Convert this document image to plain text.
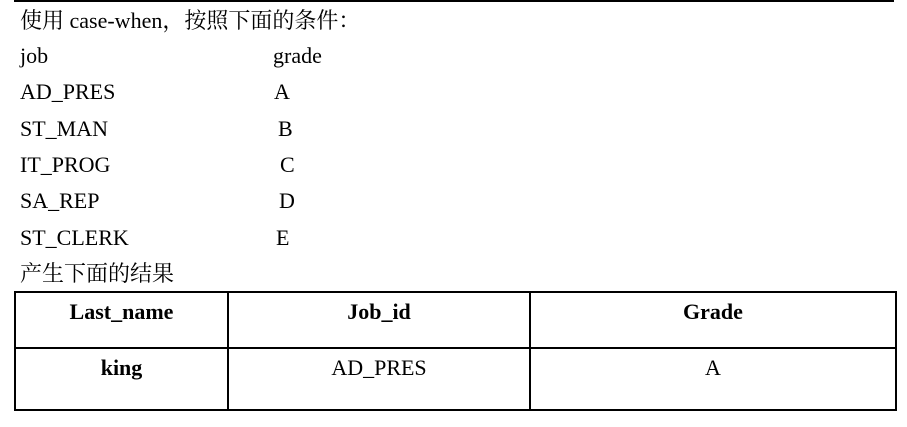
使用 case-when，按照下面的条件：
job	grade
AD_PRES	A
ST_MAN	B
IT_PROG	C
SA_REP	D
ST_CLERK	E
产生下面的结果
Last_name	Job_id	Grade
king	AD_PRES	A
